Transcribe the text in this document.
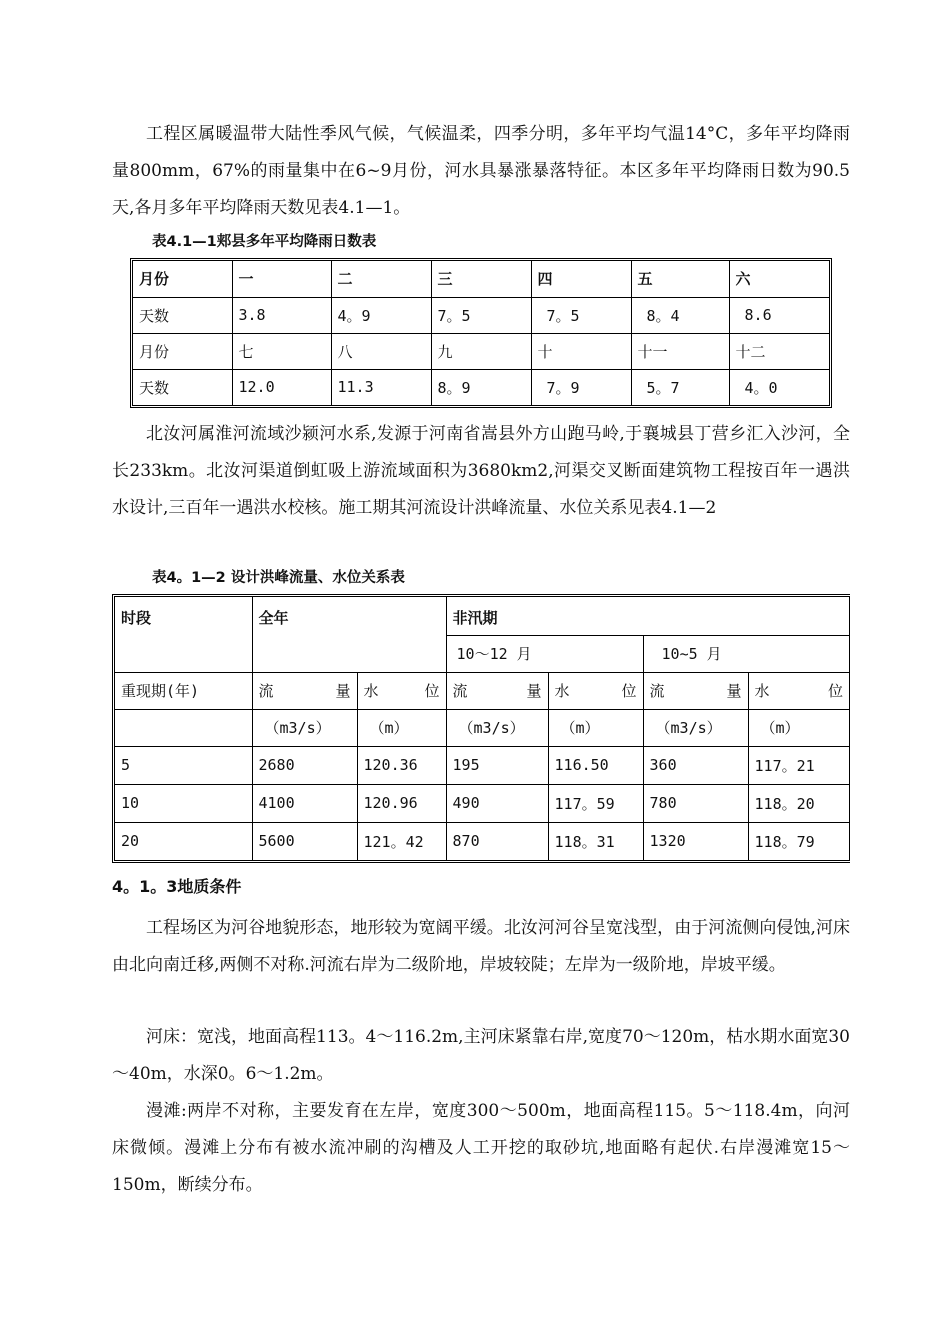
工程区属暖温带大陆性季风气候，气候温柔，四季分明，多年平均气温14°C，多年平均降雨量800mm，67%的雨量集中在6~9月份，河水具暴涨暴落特征。本区多年平均降雨日数为90.5天,各月多年平均降雨天数见表4.1—1。

表4.1—1郏县多年平均降雨日数表

月份	一	二	三	四	五	六
天数	3.8	4。9	7。5	7。5	8。4	8.6
月份	七	八	九	十	十一	十二
天数	12.0	11.3	8。9	7。9	5。7	4。0

北汝河属淮河流域沙颍河水系,发源于河南省嵩县外方山跑马岭,于襄城县丁营乡汇入沙河，全长233km。北汝河渠道倒虹吸上游流域面积为3680km2,河渠交叉断面建筑物工程按百年一遇洪水设计,三百年一遇洪水校核。施工期其河流设计洪峰流量、水位关系见表4.1—2

表4。1—2 设计洪峰流量、水位关系表

时段	全年		非汛期			
			10～12 月		10~5 月	
重现期(年)	流 量	水 位	流 量	水 位	流 量	水 位

	（m3/s）	（m）	（m3/s）	（m）	（m3/s）	（m）
5	2680	120.36	195	116.50	360	117。21
10	4100	120.96	490	117。59	780	118。20
20	5600	121。42	870	118。31	1320	118。79

4。1。3地质条件

工程场区为河谷地貌形态，地形较为宽阔平缓。北汝河河谷呈宽浅型，由于河流侧向侵蚀,河床由北向南迁移,两侧不对称.河流右岸为二级阶地，岸坡较陡；左岸为一级阶地，岸坡平缓。

河床：宽浅，地面高程113。4～116.2m,主河床紧靠右岸,宽度70～120m，枯水期水面宽30～40m，水深0。6～1.2m。

漫滩:两岸不对称，主要发育在左岸，宽度300～500m，地面高程115。5～118.4m，向河床微倾。漫滩上分布有被水流冲刷的沟槽及人工开挖的取砂坑,地面略有起伏.右岸漫滩宽15～150m，断续分布。
